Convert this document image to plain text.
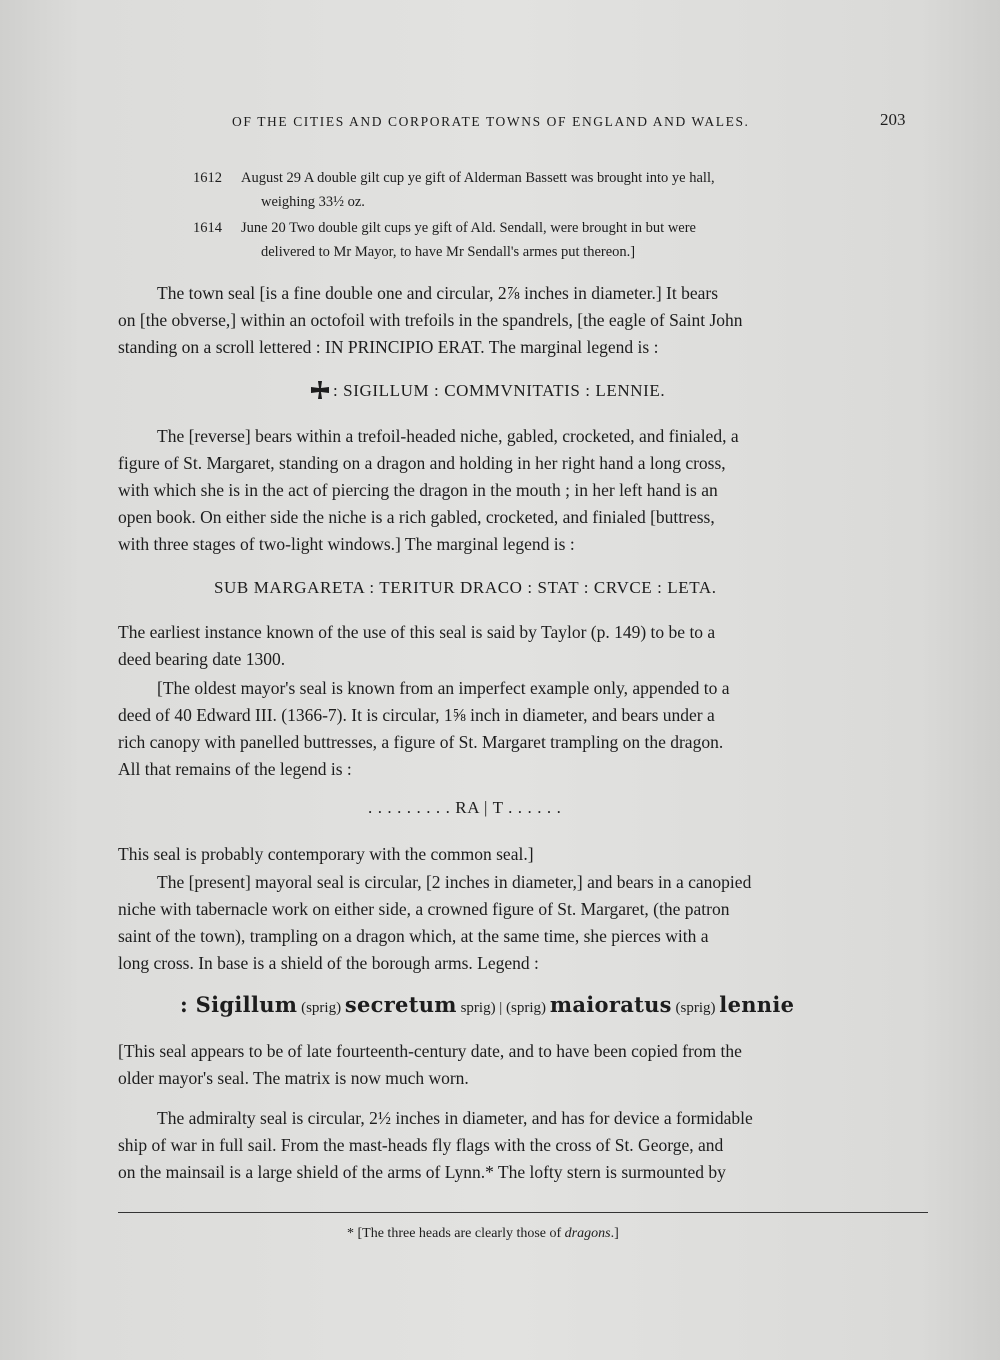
OF THE CITIES AND CORPORATE TOWNS OF ENGLAND AND WALES.	203
1612 August 29 A double gilt cup ye gift of Alderman Bassett was brought into ye hall,
weighing 33½ oz.
1614 June 20 Two double gilt cups ye gift of Ald. Sendall, were brought in but were
delivered to Mr Mayor, to have Mr Sendall's armes put thereon.]
The town seal [is a fine double one and circular, 2⅞ inches in diameter.] It bears
on [the obverse,] within an octofoil with trefoils in the spandrels, [the eagle of Saint John
standing on a scroll lettered : IN PRINCIPIO ERAT. The marginal legend is :
: SIGILLUM : COMMVNITATIS : LENNIE.
The [reverse] bears within a trefoil-headed niche, gabled, crocketed, and finialed, a
figure of St. Margaret, standing on a dragon and holding in her right hand a long cross,
with which she is in the act of piercing the dragon in the mouth ; in her left hand is an
open book. On either side the niche is a rich gabled, crocketed, and finialed [buttress,
with three stages of two-light windows.] The marginal legend is :
SUB MARGARETA : TERITUR DRACO : STAT : CRVCE : LETA.
The earliest instance known of the use of this seal is said by Taylor (p. 149) to be to a
deed bearing date 1300.
[The oldest mayor's seal is known from an imperfect example only, appended to a
deed of 40 Edward III. (1366-7). It is circular, 1⅝ inch in diameter, and bears under a
rich canopy with panelled buttresses, a figure of St. Margaret trampling on the dragon.
All that remains of the legend is :
. . . . . . . . . RA | T . . . . . .
This seal is probably contemporary with the common seal.]
The [present] mayoral seal is circular, [2 inches in diameter,] and bears in a canopied
niche with tabernacle work on either side, a crowned figure of St. Margaret, (the patron
saint of the town), trampling on a dragon which, at the same time, she pierces with a
long cross. In base is a shield of the borough arms. Legend :
: Sigillum (sprig) secretum sprig) | (sprig) maioratus (sprig) lennie
[This seal appears to be of late fourteenth-century date, and to have been copied from the
older mayor's seal. The matrix is now much worn.
The admiralty seal is circular, 2½ inches in diameter, and has for device a formidable
ship of war in full sail. From the mast-heads fly flags with the cross of St. George, and
on the mainsail is a large shield of the arms of Lynn.* The lofty stern is surmounted by
* [The three heads are clearly those of dragons.]
